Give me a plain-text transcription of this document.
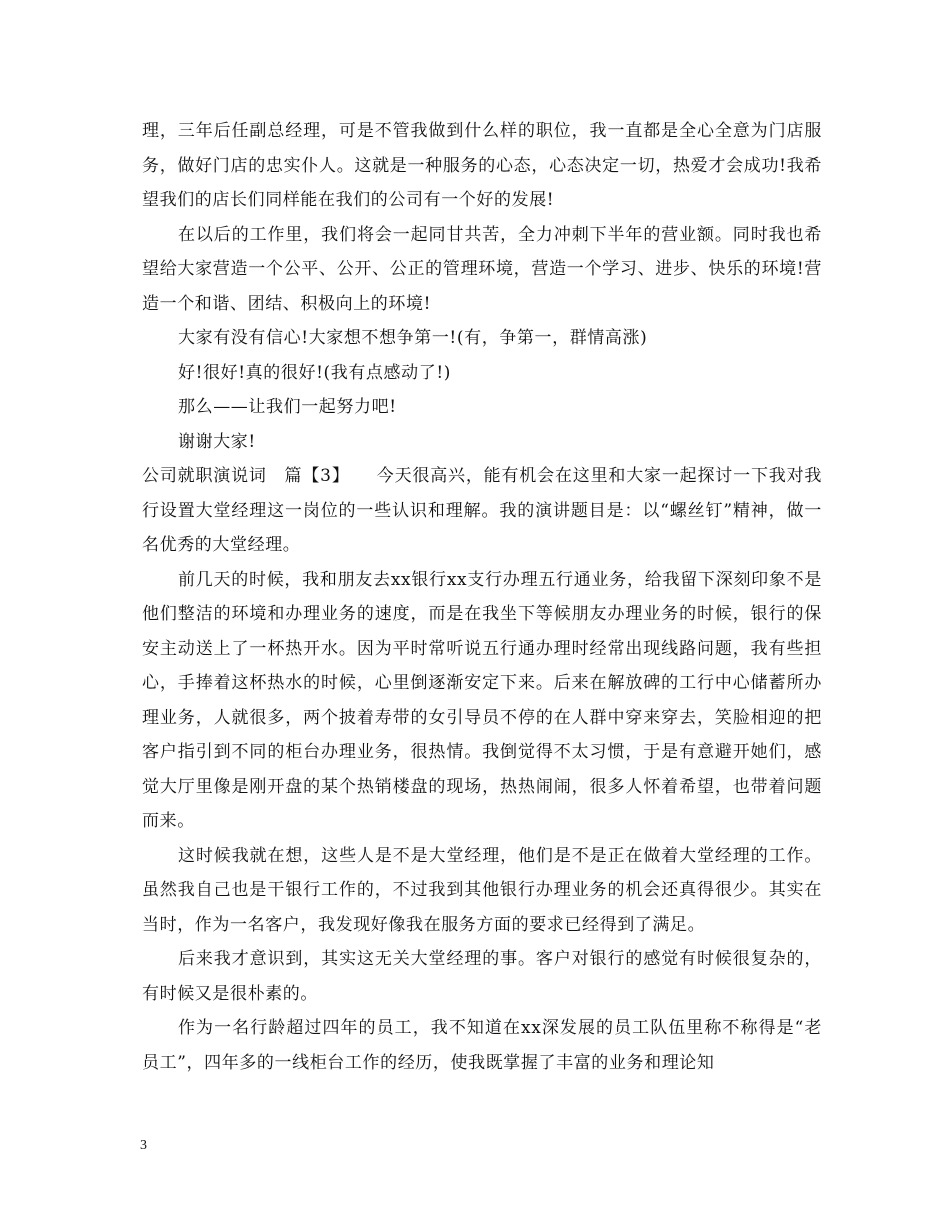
理，三年后任副总经理，可是不管我做到什么样的职位，我一直都是全心全意为门店服务，做好门店的忠实仆人。这就是一种服务的心态，心态决定一切，热爱才会成功!我希望我们的店长们同样能在我们的公司有一个好的发展!

在以后的工作里，我们将会一起同甘共苦，全力冲刺下半年的营业额。同时我也希望给大家营造一个公平、公开、公正的管理环境，营造一个学习、进步、快乐的环境!营造一个和谐、团结、积极向上的环境!

大家有没有信心!大家想不想争第一!(有，争第一，群情高涨)

好!很好!真的很好!(我有点感动了!)

那么——让我们一起努力吧!

谢谢大家!

公司就职演说词　篇【3】　　今天很高兴，能有机会在这里和大家一起探讨一下我对我行设置大堂经理这一岗位的一些认识和理解。我的演讲题目是：以“螺丝钉”精神，做一名优秀的大堂经理。

前几天的时候，我和朋友去xx银行xx支行办理五行通业务，给我留下深刻印象不是他们整洁的环境和办理业务的速度，而是在我坐下等候朋友办理业务的时候，银行的保安主动送上了一杯热开水。因为平时常听说五行通办理时经常出现线路问题，我有些担心，手捧着这杯热水的时候，心里倒逐渐安定下来。后来在解放碑的工行中心储蓄所办理业务，人就很多，两个披着寿带的女引导员不停的在人群中穿来穿去，笑脸相迎的把客户指引到不同的柜台办理业务，很热情。我倒觉得不太习惯，于是有意避开她们，感觉大厅里像是刚开盘的某个热销楼盘的现场，热热闹闹，很多人怀着希望，也带着问题而来。

这时候我就在想，这些人是不是大堂经理，他们是不是正在做着大堂经理的工作。虽然我自己也是干银行工作的，不过我到其他银行办理业务的机会还真得很少。其实在当时，作为一名客户，我发现好像我在服务方面的要求已经得到了满足。

后来我才意识到，其实这无关大堂经理的事。客户对银行的感觉有时候很复杂的，有时候又是很朴素的。

作为一名行龄超过四年的员工，我不知道在xx深发展的员工队伍里称不称得是“老员工”，四年多的一线柜台工作的经历，使我既掌握了丰富的业务和理论知

3
